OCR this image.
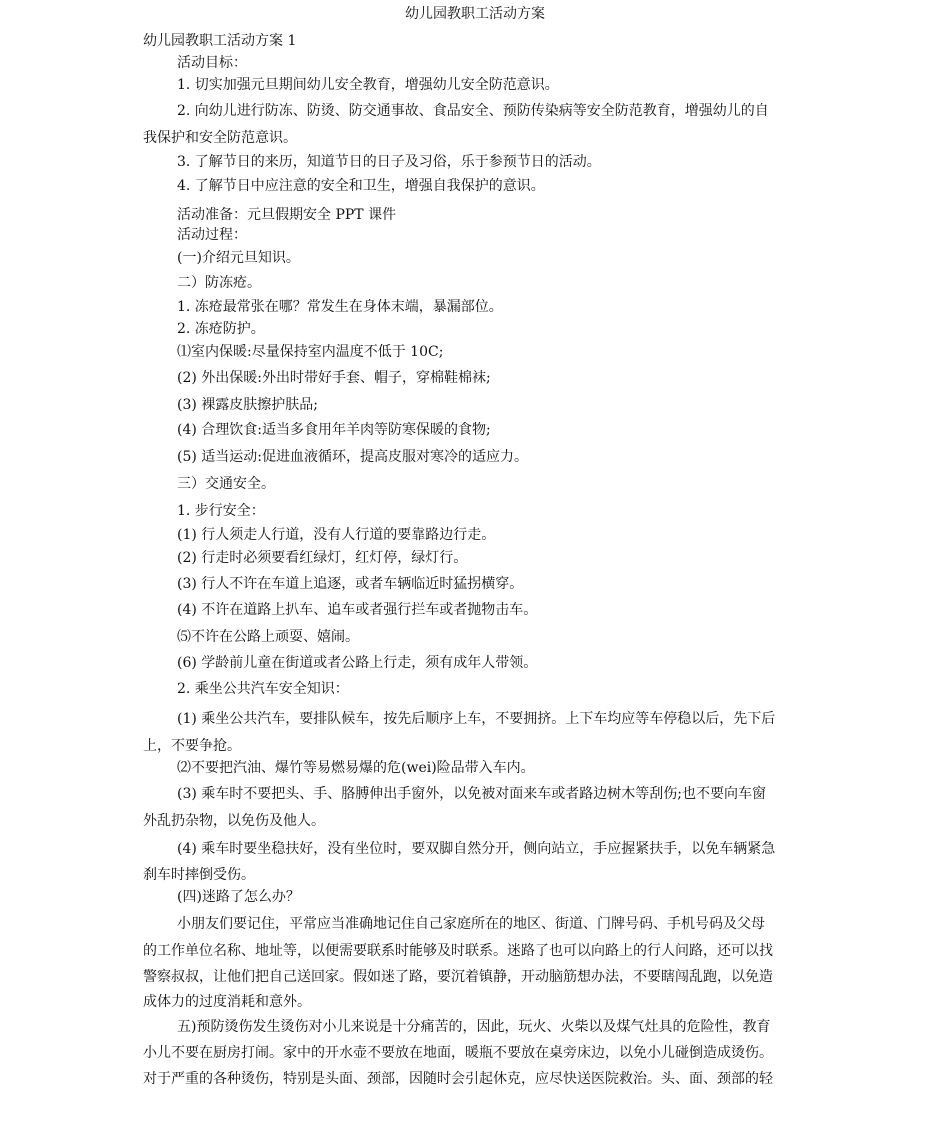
幼儿园教职工活动方案
幼儿园教职工活动方案 1
活动目标：
1. 切实加强元旦期间幼儿安全教育，增强幼儿安全防范意识。
2. 向幼儿进行防冻、防烫、防交通事故、食品安全、预防传染病等安全防范教育，增强幼儿的自
我保护和安全防范意识。
3. 了解节日的来历，知道节日的日子及习俗，乐于参预节日的活动。
4. 了解节日中应注意的安全和卫生，增强自我保护的意识。
活动准备：元旦假期安全 PPT 课件
活动过程：
(一)介绍元旦知识。
二）防冻疮。
1. 冻疮最常张在哪？常发生在身体末端，暴漏部位。
2. 冻疮防护。
⑴室内保暖:尽量保持室内温度不低于 10C;
(2) 外出保暖:外出时带好手套、帽子，穿棉鞋棉袜;
(3) 裸露皮肤擦护肤品;
(4) 合理饮食:适当多食用年羊肉等防寒保暖的食物;
(5) 适当运动:促进血液循环，提高皮服对寒冷的适应力。
三）交通安全。
1. 步行安全：
(1) 行人须走人行道，没有人行道的要靠路边行走。
(2) 行走时必须要看红绿灯，红灯停，绿灯行。
(3) 行人不许在车道上追逐，或者车辆临近时猛拐横穿。
(4) 不许在道路上扒车、追车或者强行拦车或者抛物击车。
⑸不许在公路上顽耍、嬉闹。
(6) 学龄前儿童在街道或者公路上行走，须有成年人带领。
2. 乘坐公共汽车安全知识：
(1) 乘坐公共汽车，要排队候车，按先后顺序上车，不要拥挤。上下车均应等车停稳以后，先下后
上，不要争抢。
⑵不要把汽油、爆竹等易燃易爆的危(wei)险品带入车内。
(3) 乘车时不要把头、手、胳膊伸出手窗外，以免被对面来车或者路边树木等刮伤;也不要向车窗
外乱扔杂物，以免伤及他人。
(4) 乘车时要坐稳扶好，没有坐位时，要双脚自然分开，侧向站立，手应握紧扶手，以免车辆紧急
刹车时摔倒受伤。
(四)迷路了怎么办？
小朋友们要记住，平常应当准确地记住自己家庭所在的地区、街道、门牌号码、手机号码及父母
的工作单位名称、地址等，以便需要联系时能够及时联系。迷路了也可以向路上的行人问路，还可以找
警察叔叔，让他们把自己送回家。假如迷了路，要沉着镇静，开动脑筋想办法，不要瞎闯乱跑，以免造
成体力的过度消耗和意外。
五)预防烫伤发生烫伤对小儿来说是十分痛苦的，因此，玩火、火柴以及煤气灶具的危险性，教育
小儿不要在厨房打闹。家中的开水壶不要放在地面，暖瓶不要放在桌旁床边，以免小儿碰倒造成烫伤。
对于严重的各种烫伤，特别是头面、颈部，因随时会引起休克，应尽快送医院救治。头、面、颈部的轻
